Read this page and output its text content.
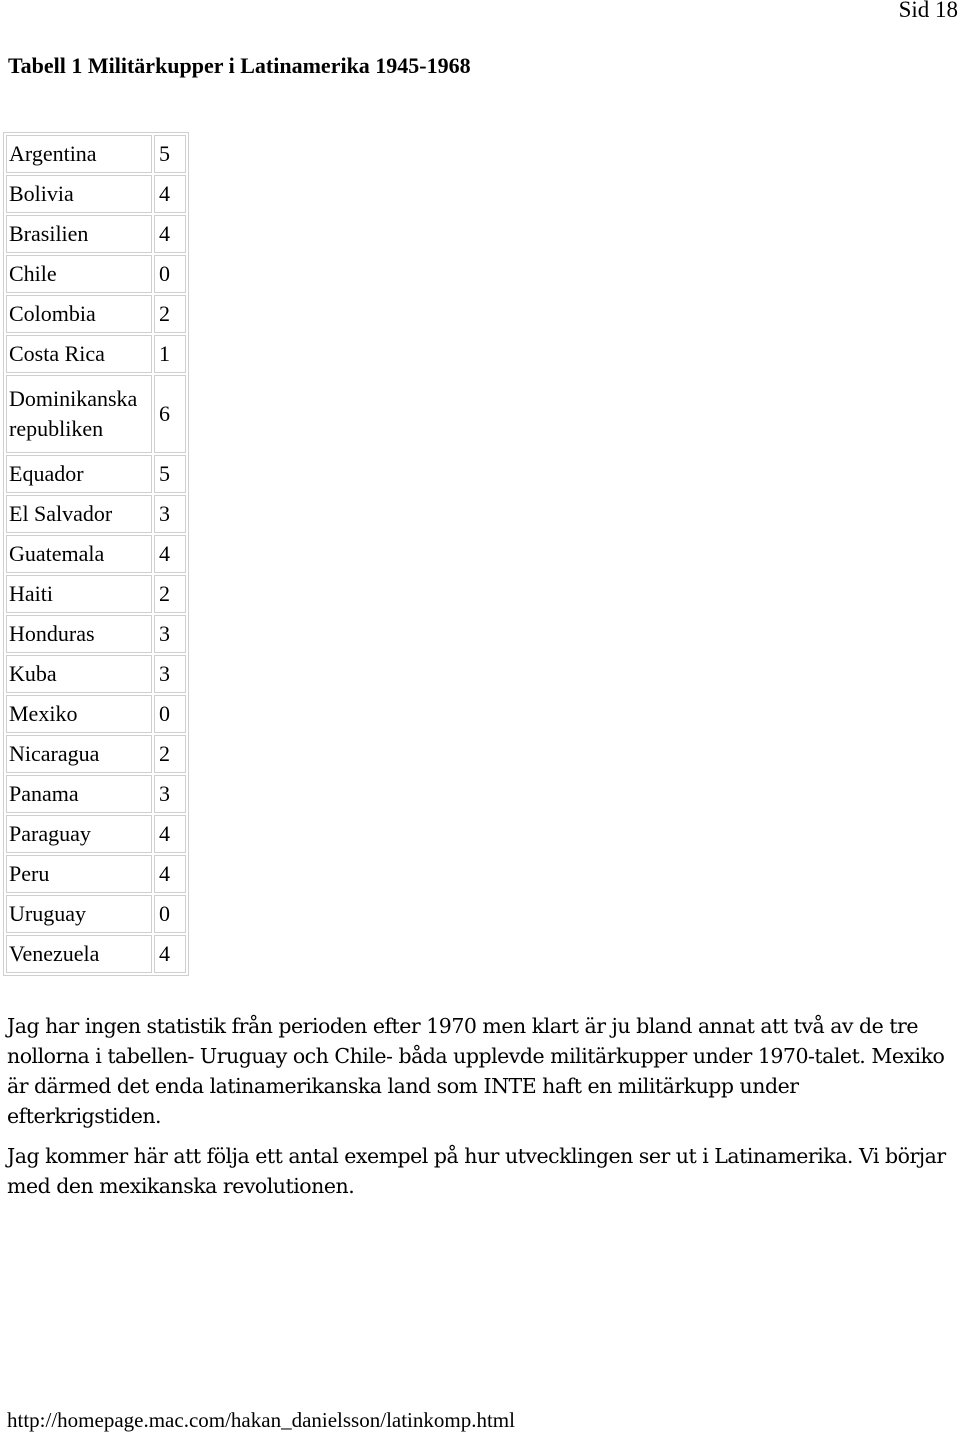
Sid 18
Tabell 1 Militärkupper i Latinamerika 1945-1968
Argentina	5
Bolivia	4
Brasilien	4
Chile	0
Colombia	2
Costa Rica	1
Dominikanska republiken	6
Equador	5
El Salvador	3
Guatemala	4
Haiti	2
Honduras	3
Kuba	3
Mexiko	0
Nicaragua	2
Panama	3
Paraguay	4
Peru	4
Uruguay	0
Venezuela	4

Jag har ingen statistik från perioden efter 1970 men klart är ju bland annat att två av de tre nollorna i tabellen- Uruguay och Chile- båda upplevde militärkupper under 1970-talet. Mexiko är därmed det enda latinamerikanska land som INTE haft en militärkupp under efterkrigstiden.

Jag kommer här att följa ett antal exempel på hur utvecklingen ser ut i Latinamerika. Vi börjar med den mexikanska revolutionen.

http://homepage.mac.com/hakan_danielsson/latinkomp.html
